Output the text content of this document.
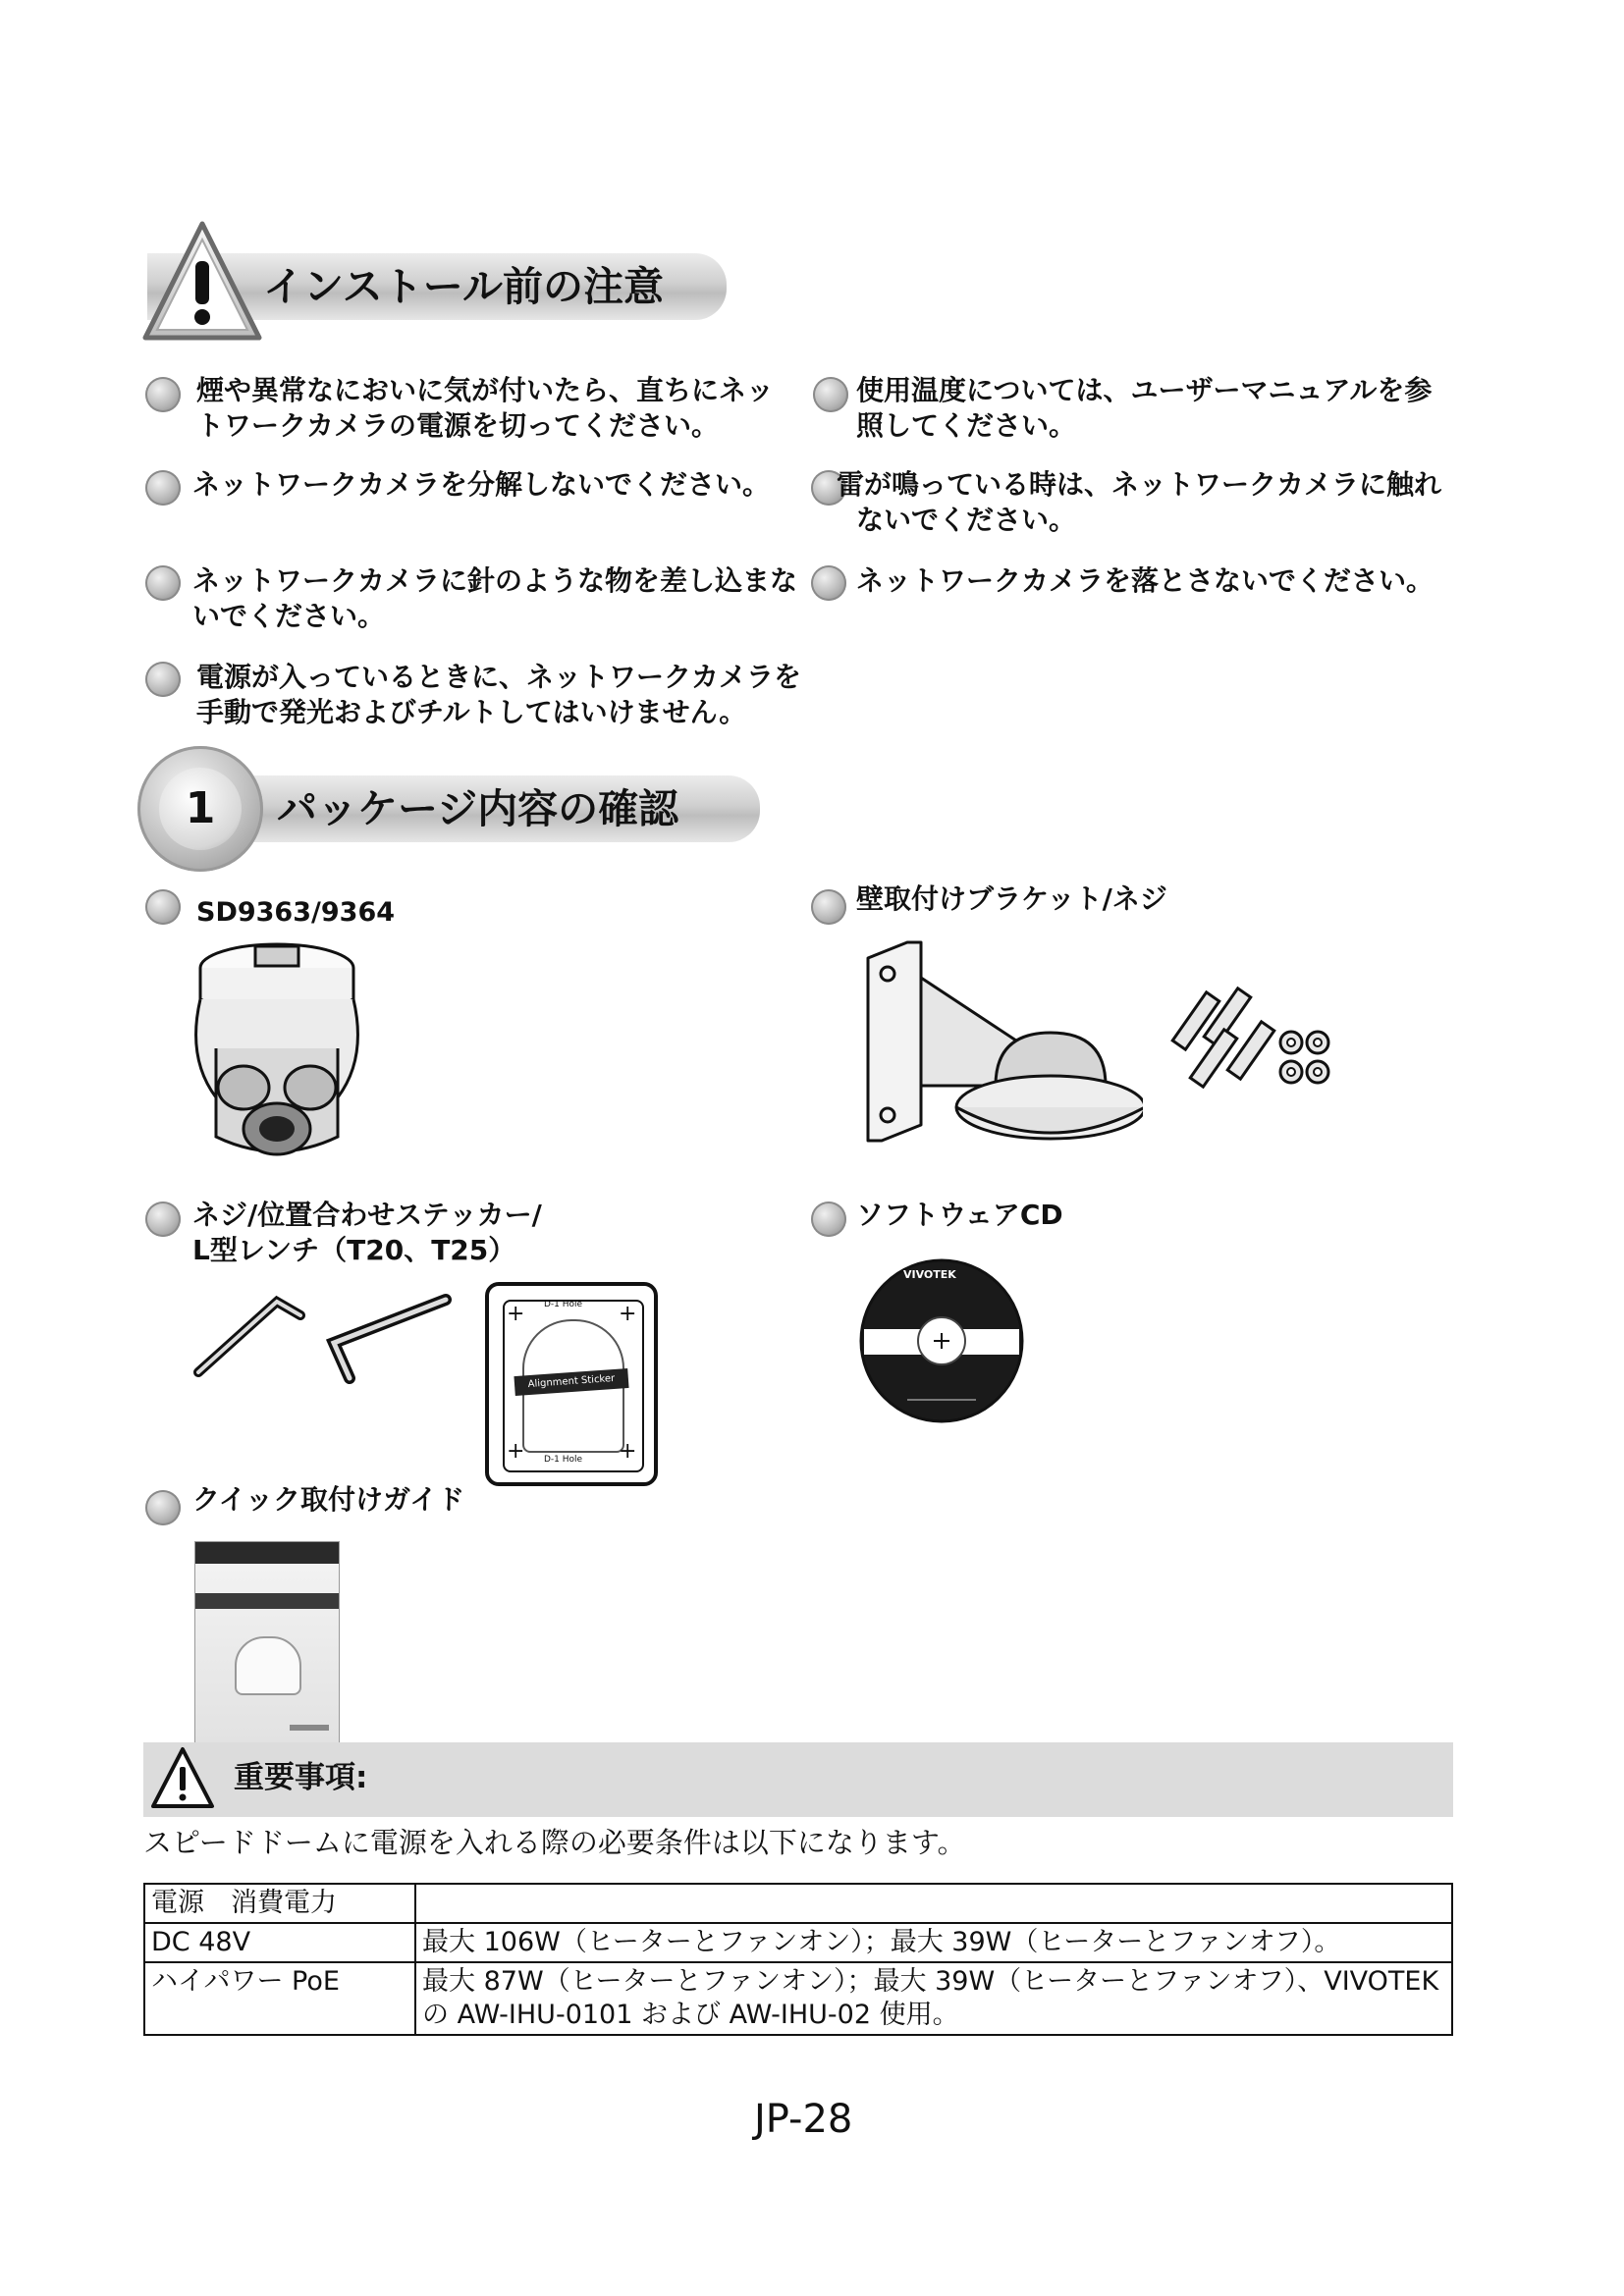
インストール前の注意
煙や異常なにおいに気が付いたら、直ちにネッ
トワークカメラの電源を切ってください。
ネットワークカメラを分解しないでください。
ネットワークカメラに針のような物を差し込まな
いでください。
電源が入っているときに、ネットワークカメラを
手動で発光およびチルトしてはいけません。
使用温度については、ユーザーマニュアルを参
照してください。
雷が鳴っている時は、ネットワークカメラに触れ
ないでください。
ネットワークカメラを落とさないでください。
パッケージ内容の確認
1
SD9363/9364	壁取付けブラケット/ネジ
ネジ/位置合わせステッカー/
L型レンチ（T20、T25）
D-1 Hole
Alignment Sticker
D-1 Hole
+	+
+	+
ソフトウェアCD
VIVOTEK
クイック取付けガイド
重要事項:
スピードドームに電源を入れる際の必要条件は以下になります。
電源　消費電力	
DC 48V	最大 106W（ヒーターとファンオン）；最大 39W（ヒーターとファンオフ）。
ハイパワー PoE	最大 87W（ヒーターとファンオン）；最大 39W（ヒーターとファンオフ）、VIVOTEK
の AW-IHU-0101 および AW-IHU-02 使用。
JP-28
